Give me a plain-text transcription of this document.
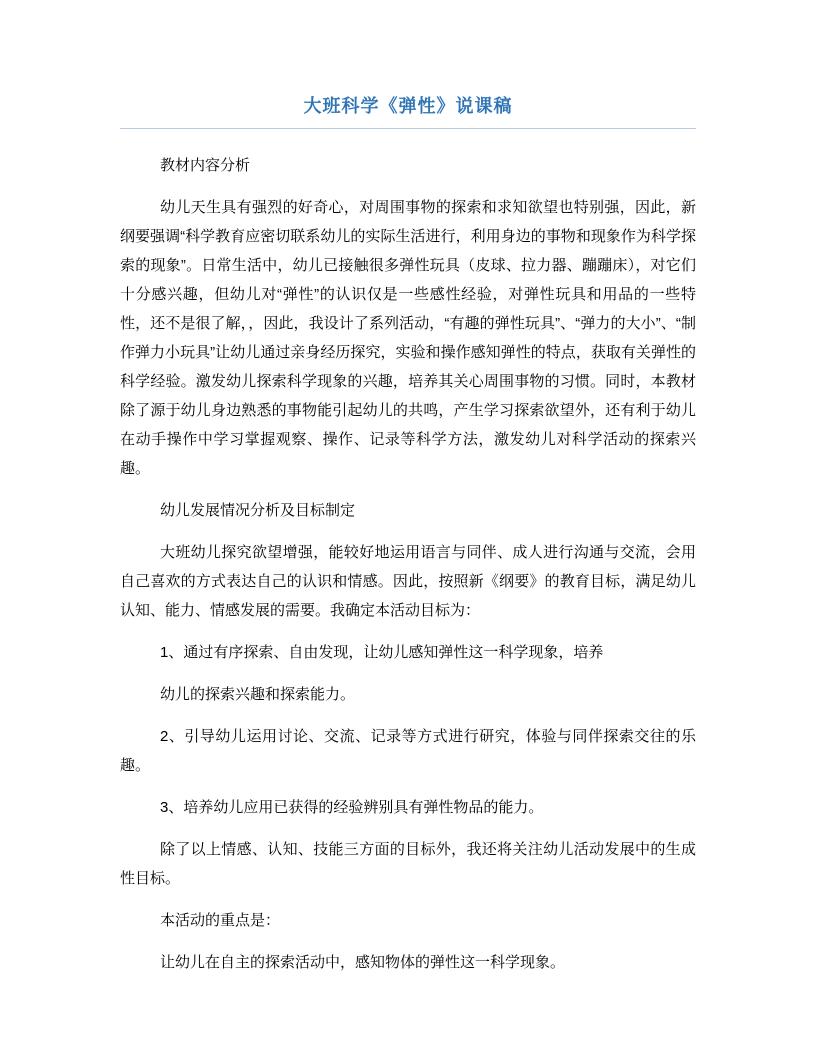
大班科学《弹性》说课稿

教材内容分析

幼儿天生具有强烈的好奇心，对周围事物的探索和求知欲望也特别强，因此，新纲要强调“科学教育应密切联系幼儿的实际生活进行，利用身边的事物和现象作为科学探索的现象”。日常生活中，幼儿已接触很多弹性玩具（皮球、拉力器、蹦蹦床），对它们十分感兴趣，但幼儿对“弹性”的认识仅是一些感性经验，对弹性玩具和用品的一些特性，还不是很了解，，因此，我设计了系列活动，“有趣的弹性玩具”、“弹力的大小”、“制作弹力小玩具”让幼儿通过亲身经历探究，实验和操作感知弹性的特点，获取有关弹性的科学经验。激发幼儿探索科学现象的兴趣，培养其关心周围事物的习惯。同时，本教材除了源于幼儿身边熟悉的事物能引起幼儿的共鸣，产生学习探索欲望外，还有利于幼儿在动手操作中学习掌握观察、操作、记录等科学方法，激发幼儿对科学活动的探索兴趣。

幼儿发展情况分析及目标制定

大班幼儿探究欲望增强，能较好地运用语言与同伴、成人进行沟通与交流，会用自己喜欢的方式表达自己的认识和情感。因此，按照新《纲要》的教育目标，满足幼儿认知、能力、情感发展的需要。我确定本活动目标为：

1、通过有序探索、自由发现，让幼儿感知弹性这一科学现象，培养

幼儿的探索兴趣和探索能力。

2、引导幼儿运用讨论、交流、记录等方式进行研究，体验与同伴探索交往的乐趣。

3、培养幼儿应用已获得的经验辨别具有弹性物品的能力。

除了以上情感、认知、技能三方面的目标外，我还将关注幼儿活动发展中的生成性目标。

本活动的重点是：

让幼儿在自主的探索活动中，感知物体的弹性这一科学现象。
